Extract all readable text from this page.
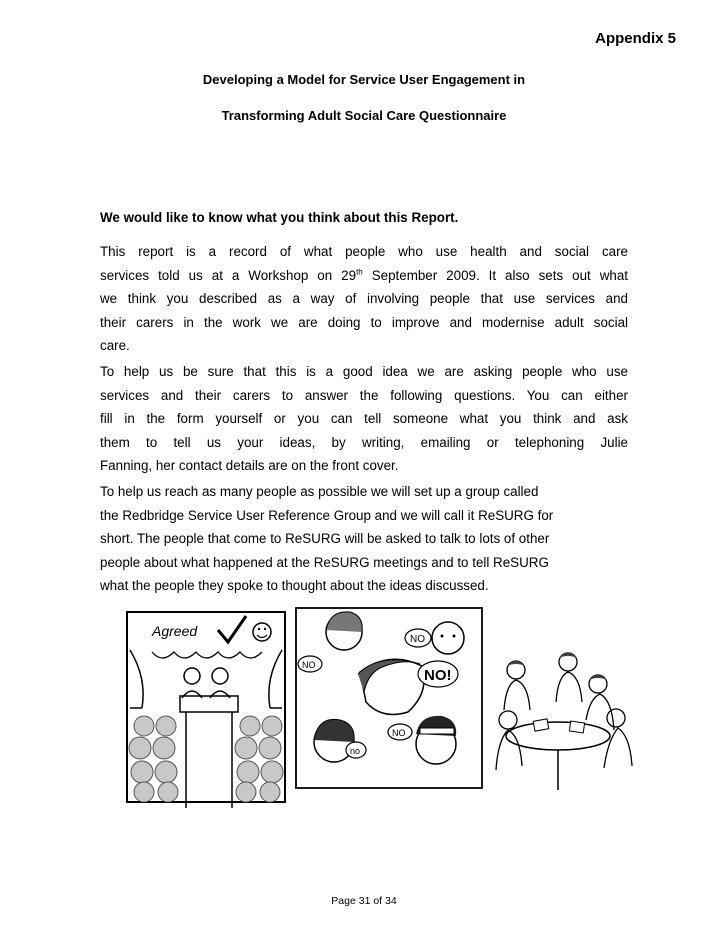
Appendix 5
Developing a Model for Service User Engagement in
Transforming Adult Social Care Questionnaire
We would like to know what you think about this Report.
This report is a record of what people who use health and social care
services told us at a Workshop on 29th September 2009. It also sets out what
we think you described as a way of involving people that use services and
their carers in the work we are doing to improve and modernise adult social
care.
To help us be sure that this is a good idea we are asking people who use
services and their carers to answer the following questions. You can either
fill in the form yourself or you can tell someone what you think and ask
them to tell us your ideas, by writing, emailing or telephoning Julie
Fanning, her contact details are on the front cover.
To help us reach as many people as possible we will set up a group called
the Redbridge Service User Reference Group and we will call it ReSURG for
short. The people that come to ReSURG will be asked to talk to lots of other
people about what happened at the ReSURG meetings and to tell ReSURG
what the people they spoke to thought about the ideas discussed.
Agreed
NO
NO
NO!
no
NO
Page 31 of 34
